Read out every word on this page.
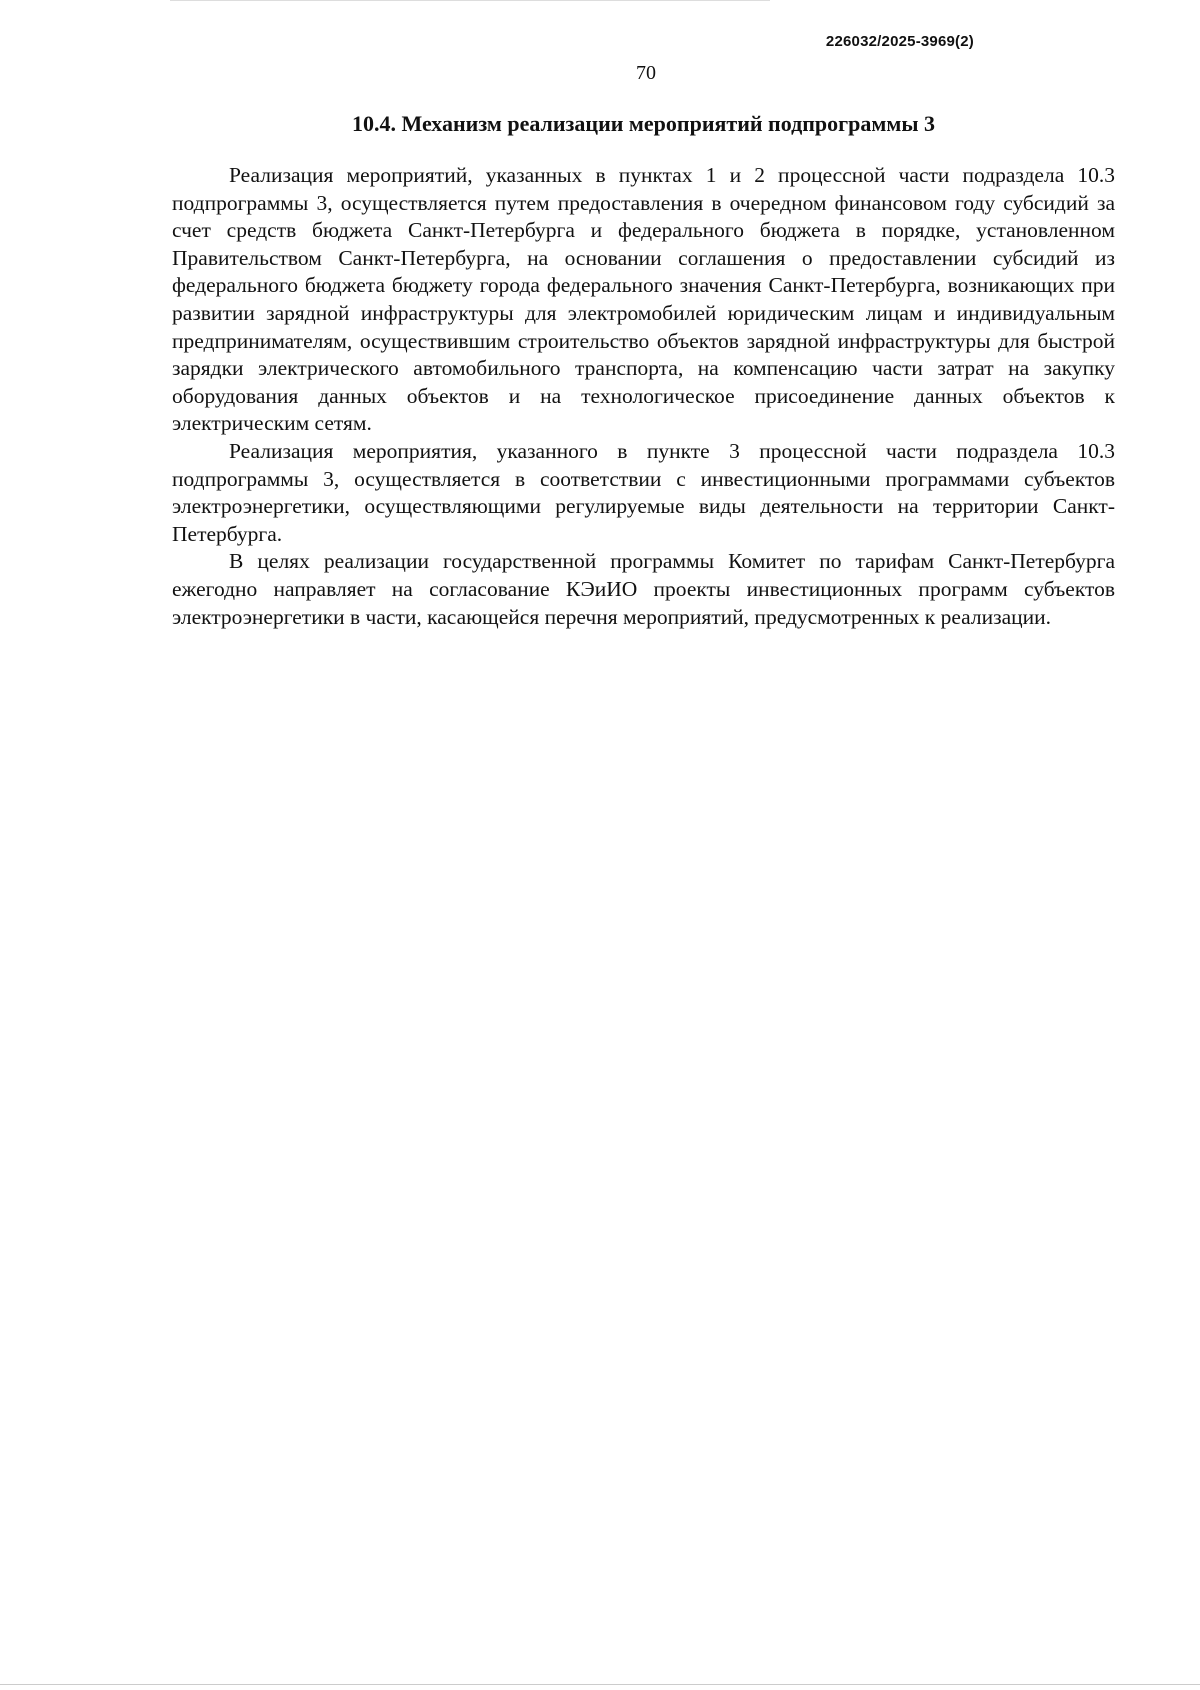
226032/2025-3969(2)
70
10.4. Механизм реализации мероприятий подпрограммы 3

Реализация мероприятий, указанных в пунктах 1 и 2 процессной части подраздела 10.3 подпрограммы 3, осуществляется путем предоставления в очередном финансовом году субсидий за счет средств бюджета Санкт-Петербурга и федерального бюджета в порядке, установленном Правительством Санкт-Петербурга, на основании соглашения о предоставлении субсидий из федерального бюджета бюджету города федерального значения Санкт-Петербурга, возникающих при развитии зарядной инфраструктуры для электромобилей юридическим лицам и индивидуальным предпринимателям, осуществившим строительство объектов зарядной инфраструктуры для быстрой зарядки электрического автомобильного транспорта, на компенсацию части затрат на закупку оборудования данных объектов и на технологическое присоединение данных объектов к электрическим сетям.

Реализация мероприятия, указанного в пункте 3 процессной части подраздела 10.3 подпрограммы 3, осуществляется в соответствии с инвестиционными программами субъектов электроэнергетики, осуществляющими регулируемые виды деятельности на территории Санкт-Петербурга.

В целях реализации государственной программы Комитет по тарифам Санкт-Петербурга ежегодно направляет на согласование КЭиИО проекты инвестиционных программ субъектов электроэнергетики в части, касающейся перечня мероприятий, предусмотренных к реализации.
